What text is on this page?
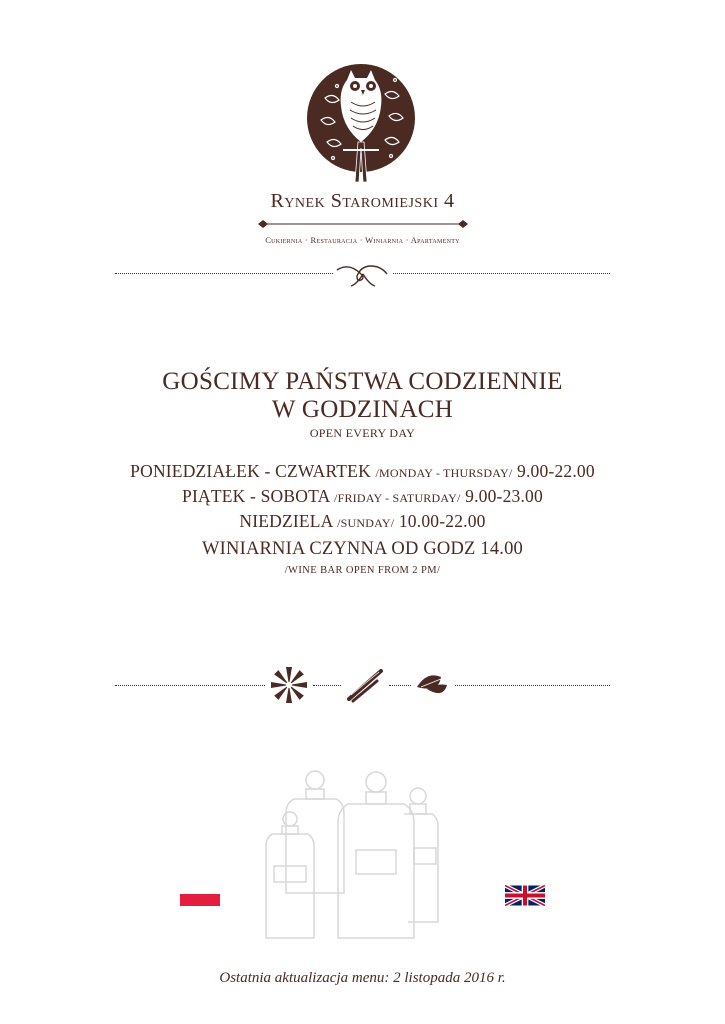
Rynek Staromiejski 4
Cukiernia · Restauracja · Winiarnia · Apartamenty
GOŚCIMY PAŃSTWA CODZIENNIE
W GODZINACH
OPEN EVERY DAY
PONIEDZIAŁEK - CZWARTEK /MONDAY - THURSDAY/ 9.00-22.00
PIĄTEK - SOBOTA /FRIDAY - SATURDAY/ 9.00-23.00
NIEDZIELA /SUNDAY/ 10.00-22.00
WINIARNIA CZYNNA OD GODZ 14.00
/WINE BAR OPEN FROM 2 PM/
Ostatnia aktualizacja menu: 2 listopada 2016 r.
